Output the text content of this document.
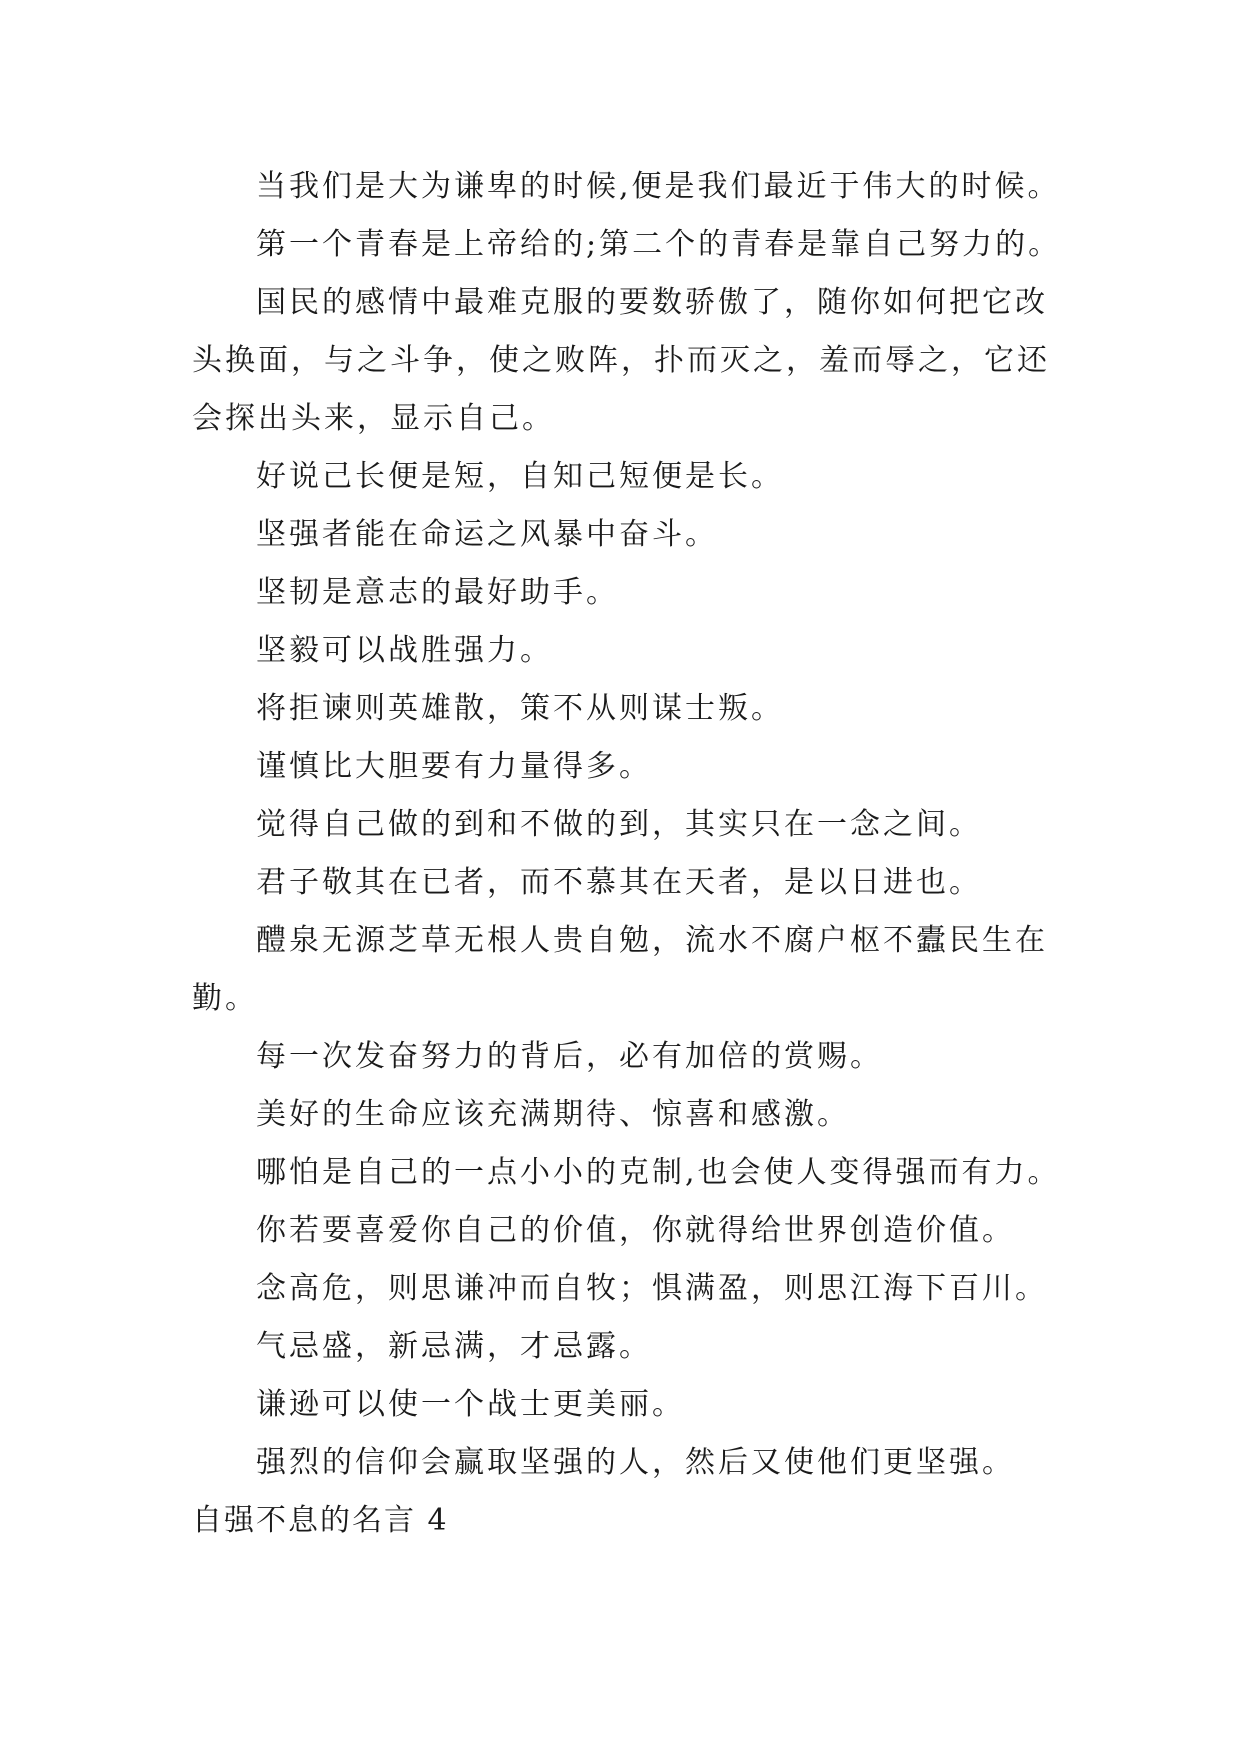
当我们是大为谦卑的时候,便是我们最近于伟大的时候。
第一个青春是上帝给的;第二个的青春是靠自己努力的。
国民的感情中最难克服的要数骄傲了，随你如何把它改
头换面，与之斗争，使之败阵，扑而灭之，羞而辱之，它还
会探出头来，显示自己。
好说己长便是短，自知己短便是长。
坚强者能在命运之风暴中奋斗。
坚韧是意志的最好助手。
坚毅可以战胜强力。
将拒谏则英雄散，策不从则谋士叛。
谨慎比大胆要有力量得多。
觉得自己做的到和不做的到，其实只在一念之间。
君子敬其在已者，而不慕其在天者，是以日进也。
醴泉无源芝草无根人贵自勉，流水不腐户枢不蠹民生在
勤。
每一次发奋努力的背后，必有加倍的赏赐。
美好的生命应该充满期待、惊喜和感激。
哪怕是自己的一点小小的克制,也会使人变得强而有力。
你若要喜爱你自己的价值，你就得给世界创造价值。
念高危，则思谦冲而自牧；惧满盈，则思江海下百川。
气忌盛，新忌满，才忌露。
谦逊可以使一个战士更美丽。
强烈的信仰会赢取坚强的人，然后又使他们更坚强。
自强不息的名言 4
